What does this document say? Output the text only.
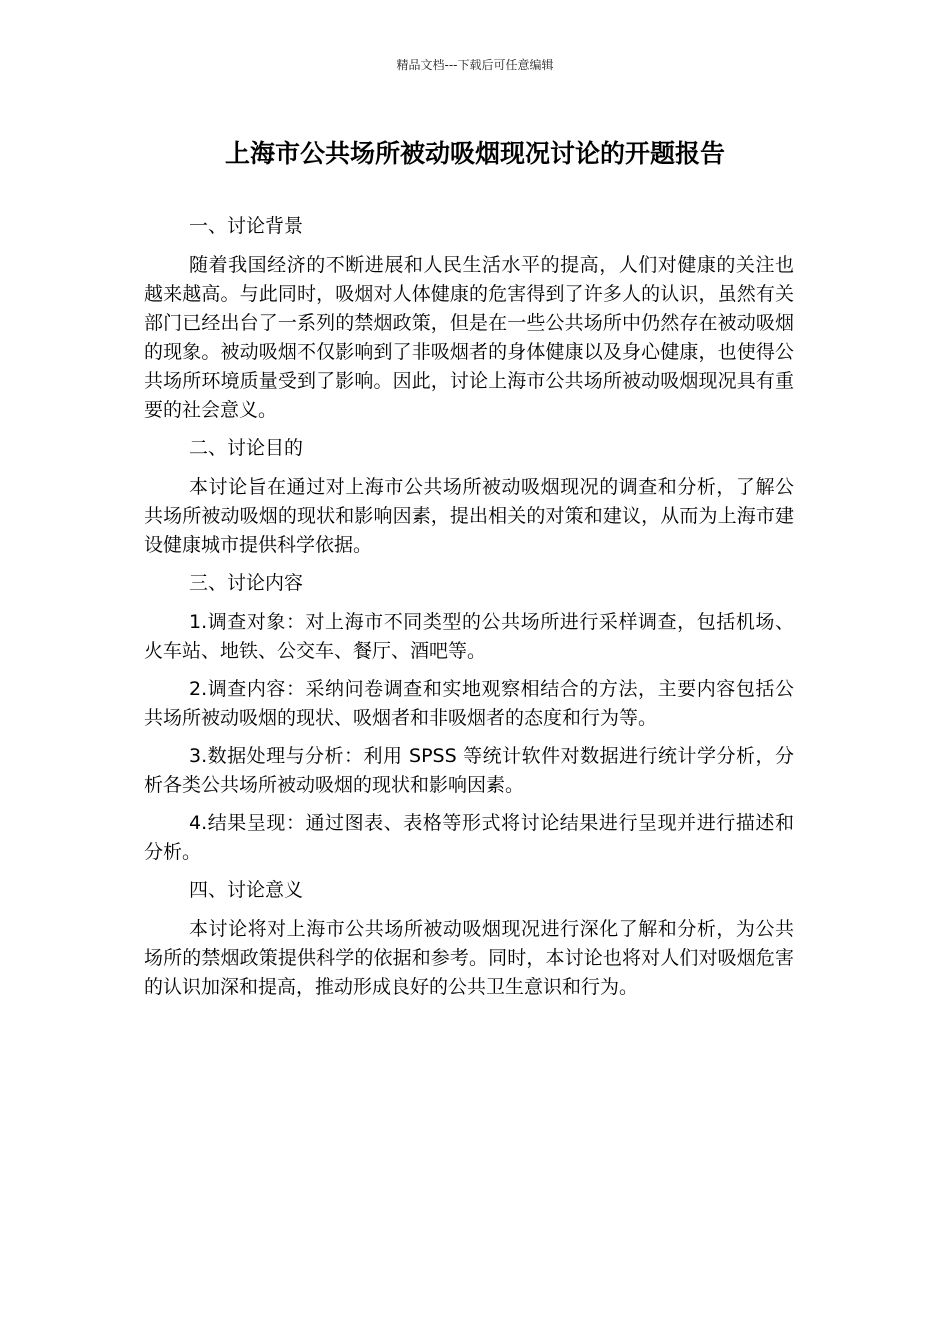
精品文档---下载后可任意编辑
上海市公共场所被动吸烟现况讨论的开题报告

一、讨论背景

随着我国经济的不断进展和人民生活水平的提高，人们对健康的关注也越来越高。与此同时，吸烟对人体健康的危害得到了许多人的认识，虽然有关部门已经出台了一系列的禁烟政策，但是在一些公共场所中仍然存在被动吸烟的现象。被动吸烟不仅影响到了非吸烟者的身体健康以及身心健康，也使得公共场所环境质量受到了影响。因此，讨论上海市公共场所被动吸烟现况具有重要的社会意义。

二、讨论目的

本讨论旨在通过对上海市公共场所被动吸烟现况的调查和分析，了解公共场所被动吸烟的现状和影响因素，提出相关的对策和建议，从而为上海市建设健康城市提供科学依据。

三、讨论内容

1.调查对象：对上海市不同类型的公共场所进行采样调查，包括机场、火车站、地铁、公交车、餐厅、酒吧等。

2.调查内容：采纳问卷调查和实地观察相结合的方法，主要内容包括公共场所被动吸烟的现状、吸烟者和非吸烟者的态度和行为等。

3.数据处理与分析：利用 SPSS 等统计软件对数据进行统计学分析，分析各类公共场所被动吸烟的现状和影响因素。

4.结果呈现：通过图表、表格等形式将讨论结果进行呈现并进行描述和分析。

四、讨论意义

本讨论将对上海市公共场所被动吸烟现况进行深化了解和分析，为公共场所的禁烟政策提供科学的依据和参考。同时，本讨论也将对人们对吸烟危害的认识加深和提高，推动形成良好的公共卫生意识和行为。
